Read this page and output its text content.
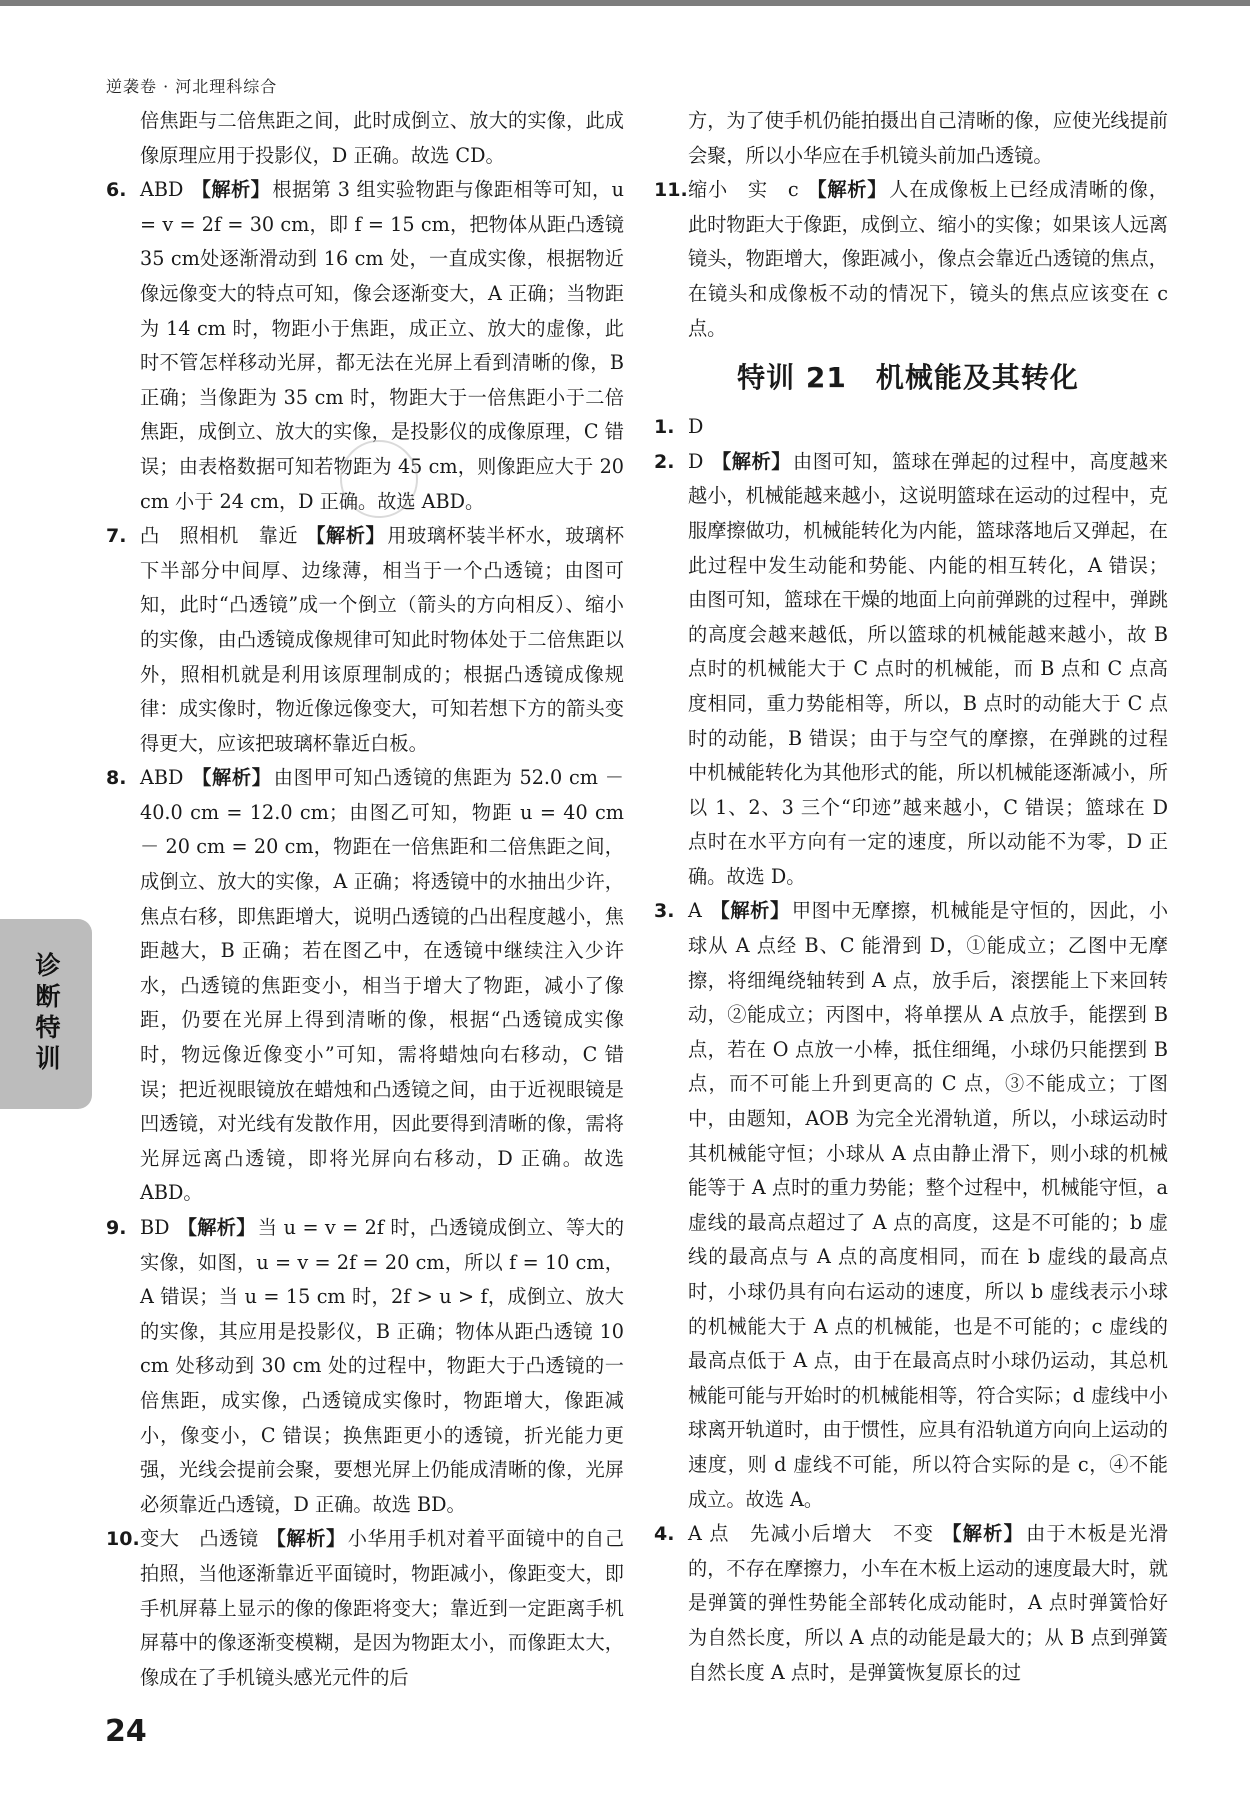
逆袭卷 · 河北理科综合
倍焦距与二倍焦距之间，此时成倒立、放大的实像，此成像原理应用于投影仪，D 正确。故选 CD。
6. ABD 【解析】 根据第 3 组实验物距与像距相等可知，u = v = 2f = 30 cm，即 f = 15 cm，把物体从距凸透镜 35 cm处逐渐滑动到 16 cm 处，一直成实像，根据物近像远像变大的特点可知，像会逐渐变大，A 正确；当物距为 14 cm 时，物距小于焦距，成正立、放大的虚像，此时不管怎样移动光屏，都无法在光屏上看到清晰的像，B 正确；当像距为 35 cm 时，物距大于一倍焦距小于二倍焦距，成倒立、放大的实像，是投影仪的成像原理，C 错误；由表格数据可知若物距为 45 cm，则像距应大于 20 cm 小于 24 cm，D 正确。故选 ABD。
7. 凸　照相机　靠近 【解析】 用玻璃杯装半杯水，玻璃杯下半部分中间厚、边缘薄，相当于一个凸透镜；由图可知，此时“凸透镜”成一个倒立（箭头的方向相反）、缩小的实像，由凸透镜成像规律可知此时物体处于二倍焦距以外，照相机就是利用该原理制成的；根据凸透镜成像规律：成实像时，物近像远像变大，可知若想下方的箭头变得更大，应该把玻璃杯靠近白板。
8. ABD 【解析】 由图甲可知凸透镜的焦距为 52.0 cm －40.0 cm = 12.0 cm；由图乙可知，物距 u = 40 cm － 20 cm = 20 cm，物距在一倍焦距和二倍焦距之间，成倒立、放大的实像，A 正确；将透镜中的水抽出少许，焦点右移，即焦距增大，说明凸透镜的凸出程度越小，焦距越大，B 正确；若在图乙中，在透镜中继续注入少许水，凸透镜的焦距变小，相当于增大了物距，减小了像距，仍要在光屏上得到清晰的像，根据“凸透镜成实像时，物远像近像变小”可知，需将蜡烛向右移动，C 错误；把近视眼镜放在蜡烛和凸透镜之间，由于近视眼镜是凹透镜，对光线有发散作用，因此要得到清晰的像，需将光屏远离凸透镜，即将光屏向右移动，D 正确。故选 ABD。
9. BD 【解析】 当 u = v = 2f 时，凸透镜成倒立、等大的实像，如图，u = v = 2f = 20 cm，所以 f = 10 cm，A 错误；当 u = 15 cm 时，2f > u > f，成倒立、放大的实像，其应用是投影仪，B 正确；物体从距凸透镜 10 cm 处移动到 30 cm 处的过程中，物距大于凸透镜的一倍焦距，成实像，凸透镜成实像时，物距增大，像距减小，像变小，C 错误；换焦距更小的透镜，折光能力更强，光线会提前会聚，要想光屏上仍能成清晰的像，光屏必须靠近凸透镜，D 正确。故选 BD。
10. 变大　凸透镜 【解析】 小华用手机对着平面镜中的自己拍照，当他逐渐靠近平面镜时，物距减小，像距变大，即手机屏幕上显示的像的像距将变大；靠近到一定距离手机屏幕中的像逐渐变模糊，是因为物距太小，而像距太大，像成在了手机镜头感光元件的后
方，为了使手机仍能拍摄出自己清晰的像，应使光线提前会聚，所以小华应在手机镜头前加凸透镜。
11. 缩小　实　c 【解析】 人在成像板上已经成清晰的像，此时物距大于像距，成倒立、缩小的实像；如果该人远离镜头，物距增大，像距减小，像点会靠近凸透镜的焦点，在镜头和成像板不动的情况下，镜头的焦点应该变在 c 点。
特训 21　机械能及其转化
1. D
2. D 【解析】 由图可知，篮球在弹起的过程中，高度越来越小，机械能越来越小，这说明篮球在运动的过程中，克服摩擦做功，机械能转化为内能，篮球落地后又弹起，在此过程中发生动能和势能、内能的相互转化，A 错误；由图可知，篮球在干燥的地面上向前弹跳的过程中，弹跳的高度会越来越低，所以篮球的机械能越来越小，故 B 点时的机械能大于 C 点时的机械能，而 B 点和 C 点高度相同，重力势能相等，所以，B 点时的动能大于 C 点时的动能，B 错误；由于与空气的摩擦，在弹跳的过程中机械能转化为其他形式的能，所以机械能逐渐减小，所以 1、2、3 三个“印迹”越来越小，C 错误；篮球在 D 点时在水平方向有一定的速度，所以动能不为零，D 正确。故选 D。
3. A 【解析】 甲图中无摩擦，机械能是守恒的，因此，小球从 A 点经 B、C 能滑到 D，①能成立；乙图中无摩擦，将细绳绕轴转到 A 点，放手后，滚摆能上下来回转动，②能成立；丙图中，将单摆从 A 点放手，能摆到 B 点，若在 O 点放一小棒，抵住细绳，小球仍只能摆到 B 点，而不可能上升到更高的 C 点，③不能成立；丁图中，由题知，AOB 为完全光滑轨道，所以，小球运动时其机械能守恒；小球从 A 点由静止滑下，则小球的机械能等于 A 点时的重力势能；整个过程中，机械能守恒，a 虚线的最高点超过了 A 点的高度，这是不可能的；b 虚线的最高点与 A 点的高度相同，而在 b 虚线的最高点时，小球仍具有向右运动的速度，所以 b 虚线表示小球的机械能大于 A 点的机械能，也是不可能的；c 虚线的最高点低于 A 点，由于在最高点时小球仍运动，其总机械能可能与开始时的机械能相等，符合实际；d 虚线中小球离开轨道时，由于惯性，应具有沿轨道方向向上运动的速度，则 d 虚线不可能，所以符合实际的是 c，④不能成立。故选 A。
4. A 点　先减小后增大　不变 【解析】 由于木板是光滑的，不存在摩擦力，小车在木板上运动的速度最大时，就是弹簧的弹性势能全部转化成动能时，A 点时弹簧恰好为自然长度，所以 A 点的动能是最大的；从 B 点到弹簧自然长度 A 点时，是弹簧恢复原长的过
诊断特训
24
